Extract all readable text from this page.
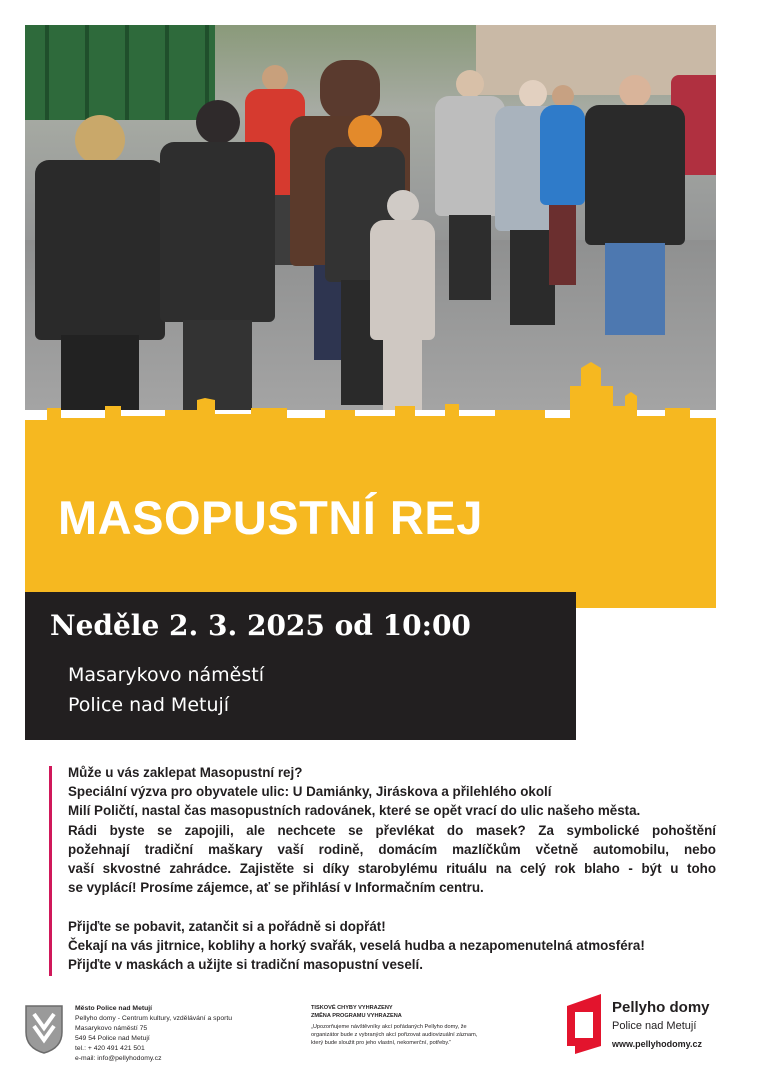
MASOPUSTNÍ REJ
Neděle 2. 3. 2025 od 10:00
Masarykovo náměstí
Police nad Metují
Může u vás zaklepat Masopustní rej?
Speciální výzva pro obyvatele ulic: U Damiánky, Jiráskova a přilehlého okolí
Milí Poličtí, nastal čas masopustních radovánek, které se opět vrací do ulic našeho města.
Rádi byste se zapojili, ale nechcete se převlékat do masek? Za symbolické pohoštění
požehnají tradiční maškary vaší rodině, domácím mazlíčkům včetně automobilu, nebo
vaší skvostné zahrádce. Zajistěte si díky starobylému rituálu na celý rok blaho - být u toho
se vyplácí! Prosíme zájemce, ať se přihlásí v Informačním centru.
Přijďte se pobavit, zatančit si a pořádně si dopřát!
Čekají na vás jitrnice, koblihy a horký svařák, veselá hudba a nezapomenutelná atmosféra!
Přijďte v maskách a užijte si tradiční masopustní veselí.
Město Police nad Metují
Pellyho domy - Centrum kultury, vzdělávání a sportu
Masarykovo náměstí 75
549 54 Police nad Metují
tel.: + 420 491 421 501
e-mail: info@pellyhodomy.cz
TISKOVÉ CHYBY VYHRAZENY
ZMĚNA PROGRAMU VYHRAZENA
„Upozorňujeme návštěvníky akcí pořádaných Pellyho domy, že organizátor bude z vybraných akcí pořizovat audiovizuální záznam, který bude sloužit pro jeho vlastní, nekomerční, potřeby.“
Pellyho domy
Police nad Metují
www.pellyhodomy.cz
